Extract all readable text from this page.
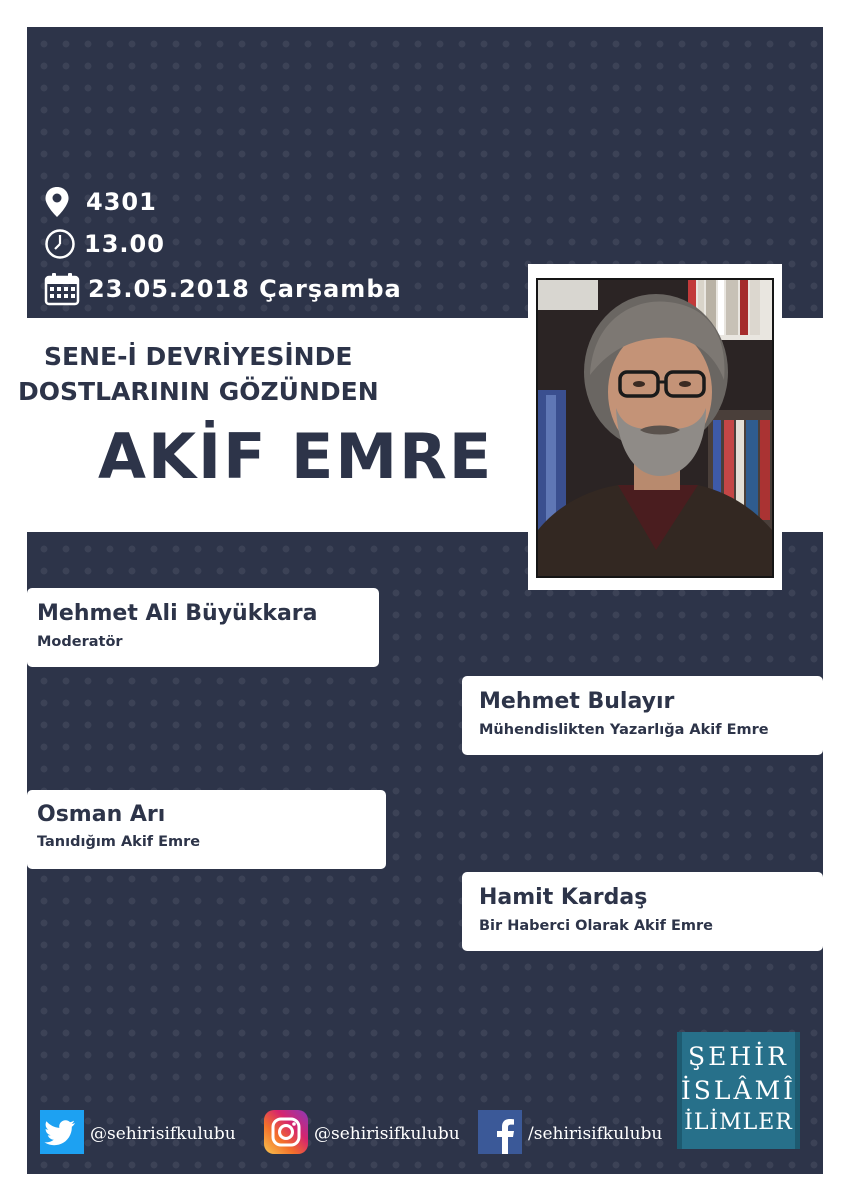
4301
13.00
23.05.2018 Çarşamba
SENE-İ DEVRİYESİNDE
DOSTLARININ GÖZÜNDEN
AKİF EMRE
Mehmet Ali Büyükkara
Moderatör
Mehmet Bulayır
Mühendislikten Yazarlığa Akif Emre
Osman Arı
Tanıdığım Akif Emre
Hamit Kardaş
Bir Haberci Olarak Akif Emre
@sehirisifkulubu	@sehirisifkulubu	/sehirisifkulubu
ŞEHİR
İSLÂMÎ
İLİMLER
